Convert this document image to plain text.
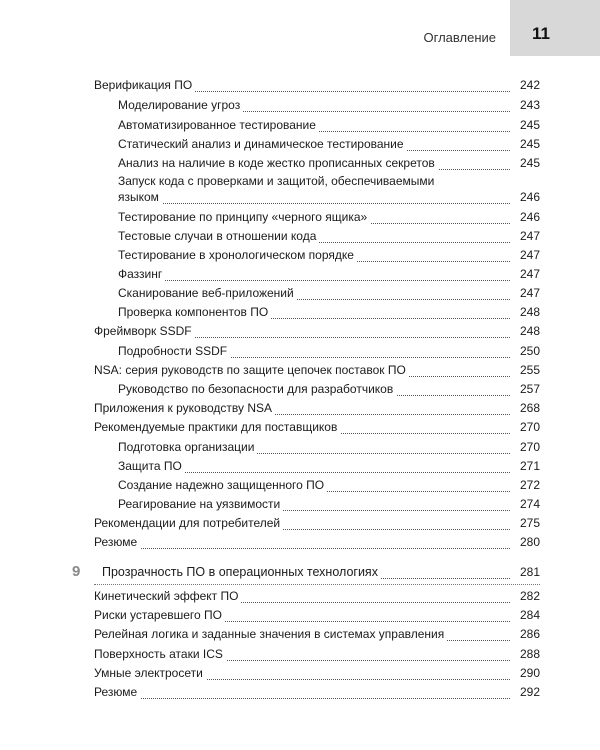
Оглавление 11
Верификация ПО	242
Моделирование угроз	243
Автоматизированное тестирование	245
Статический анализ и динамическое тестирование	245
Анализ на наличие в коде жестко прописанных секретов	245
Запуск кода с проверками и защитой, обеспечиваемыми
языком	246
Тестирование по принципу «черного ящика»	246
Тестовые случаи в отношении кода	247
Тестирование в хронологическом порядке	247
Фаззинг	247
Сканирование веб-приложений	247
Проверка компонентов ПО	248
Фреймворк SSDF	248
Подробности SSDF	250
NSA: серия руководств по защите цепочек поставок ПО	255
Руководство по безопасности для разработчиков	257
Приложения к руководству NSA	268
Рекомендуемые практики для поставщиков	270
Подготовка организации	270
Защита ПО	271
Создание надежно защищенного ПО	272
Реагирование на уязвимости	274
Рекомендации для потребителей	275
Резюме	280
9 Прозрачность ПО в операционных технологиях	281
Кинетический эффект ПО	282
Риски устаревшего ПО	284
Релейная логика и заданные значения в системах управления	286
Поверхность атаки ICS	288
Умные электросети	290
Резюме	292
